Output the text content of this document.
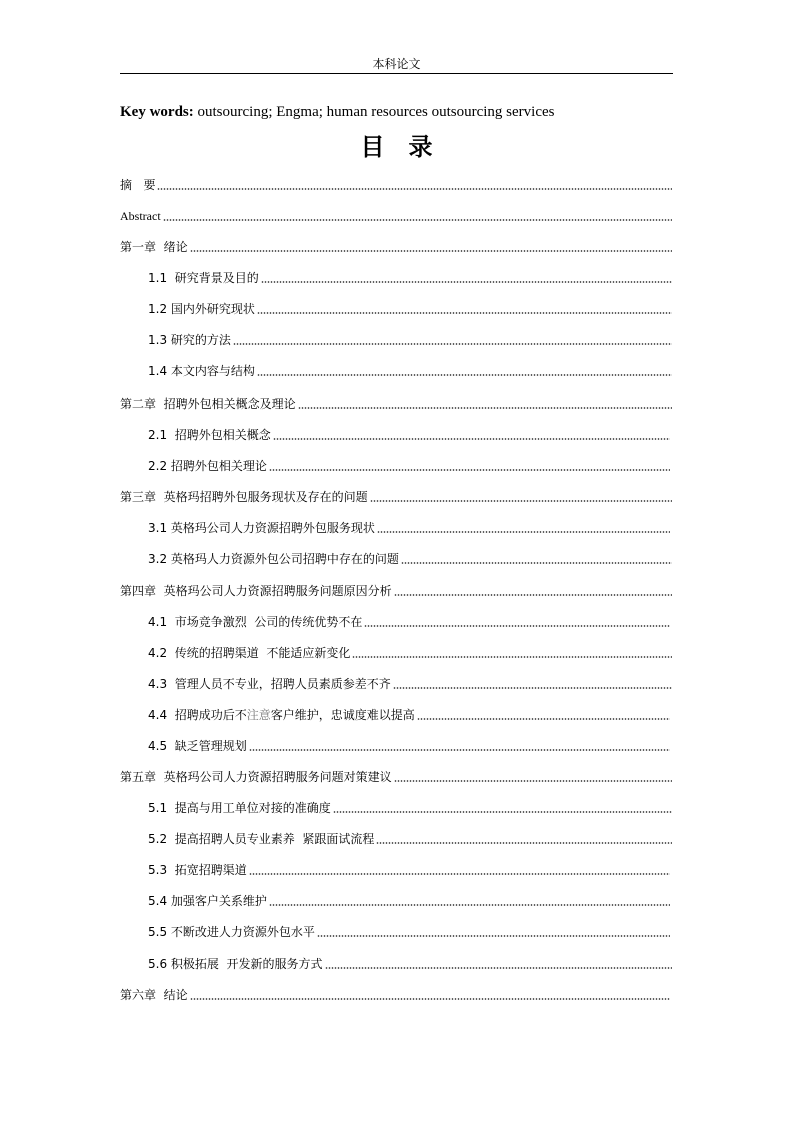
本科论文
Key words: outsourcing; Engma; human resources outsourcing services
目录
摘   要
Abstract
第一章  绪论
1.1  研究背景及目的
1.2 国内外研究现状
1.3 研究的方法
1.4 本文内容与结构
第二章  招聘外包相关概念及理论
2.1  招聘外包相关概念
2.2 招聘外包相关理论
第三章  英格玛招聘外包服务现状及存在的问题
3.1 英格玛公司人力资源招聘外包服务现状
3.2 英格玛人力资源外包公司招聘中存在的问题
第四章  英格玛公司人力资源招聘服务问题原因分析
4.1  市场竞争激烈  公司的传统优势不在
4.2  传统的招聘渠道  不能适应新变化
4.3  管理人员不专业，招聘人员素质参差不齐
4.4  招聘成功后不注意客户维护，忠诚度难以提高
4.5  缺乏管理规划
第五章  英格玛公司人力资源招聘服务问题对策建议
5.1  提高与用工单位对接的准确度
5.2  提高招聘人员专业素养  紧跟面试流程
5.3  拓宽招聘渠道
5.4 加强客户关系维护
5.5 不断改进人力资源外包水平
5.6 积极拓展  开发新的服务方式
第六章  结论
